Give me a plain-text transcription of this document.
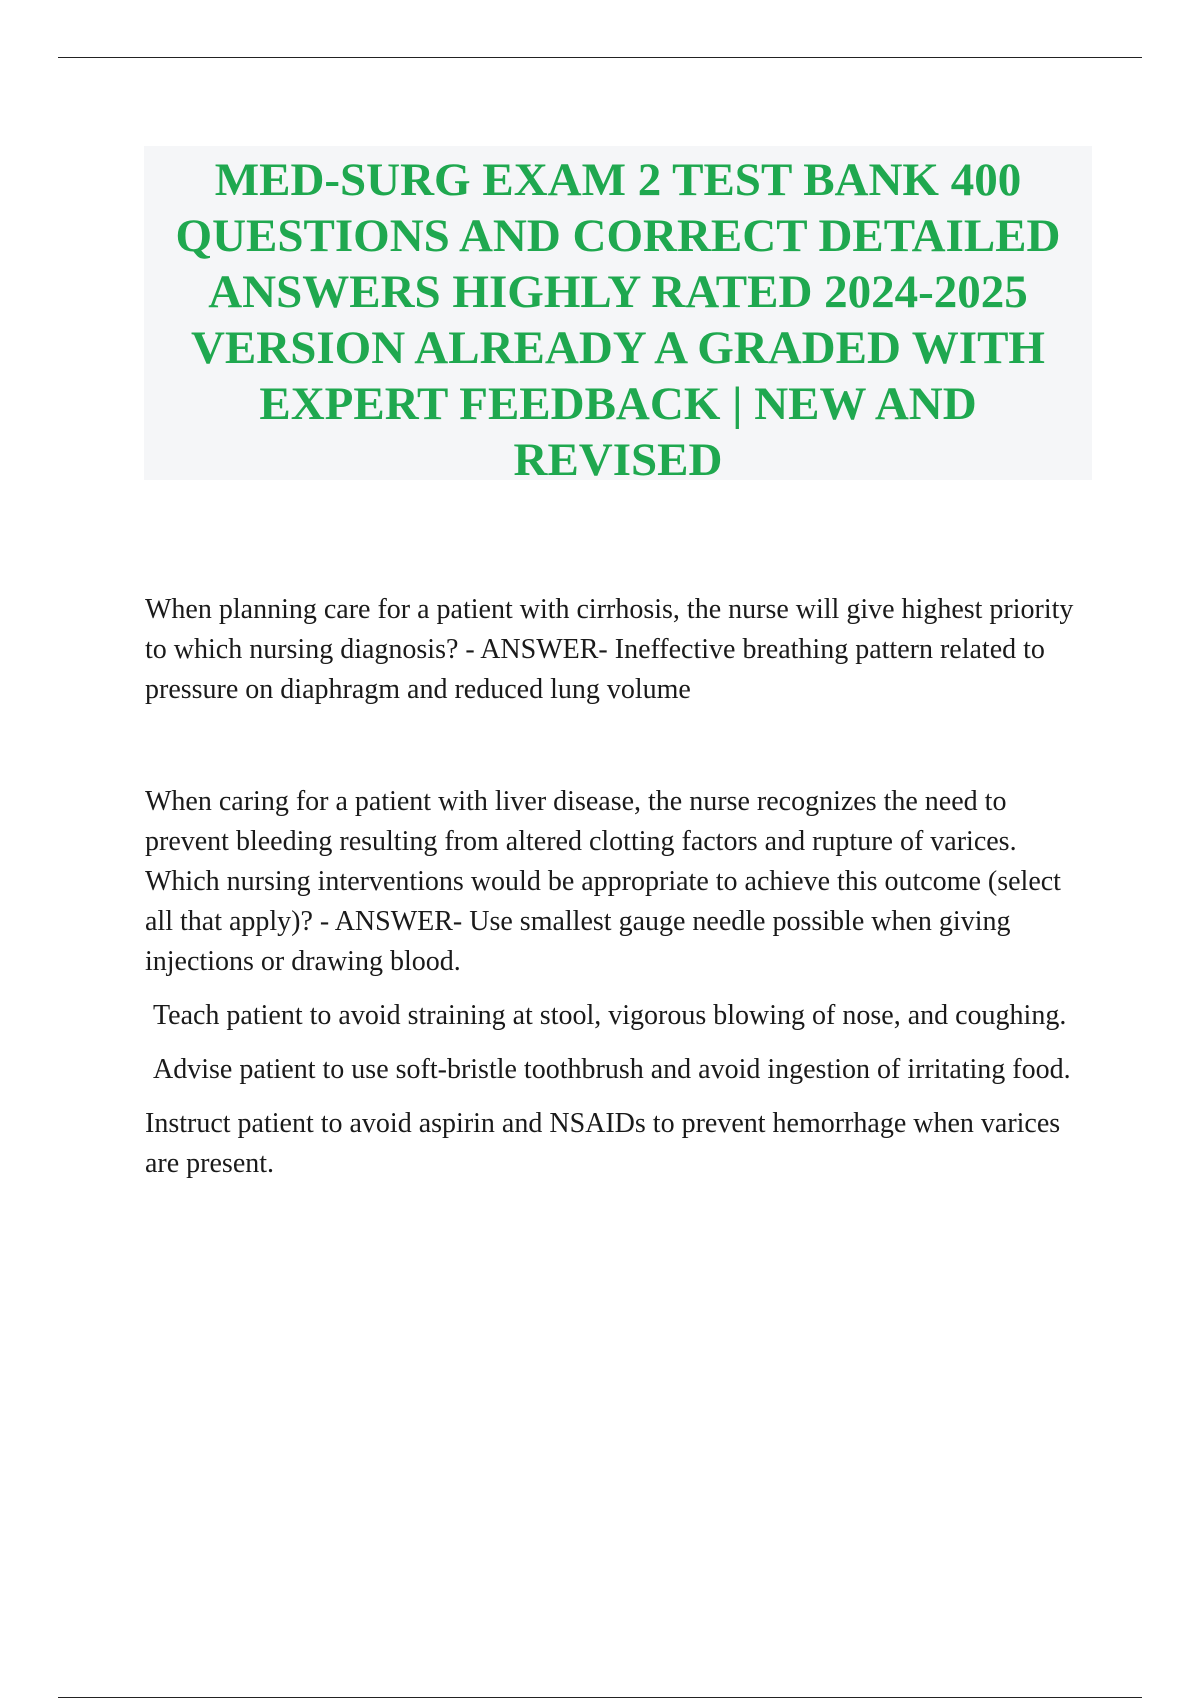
MED-SURG EXAM 2 TEST BANK 400 QUESTIONS AND CORRECT DETAILED ANSWERS HIGHLY RATED 2024-2025 VERSION ALREADY A GRADED WITH EXPERT FEEDBACK | NEW AND REVISED

When planning care for a patient with cirrhosis, the nurse will give highest priority to which nursing diagnosis? - ANSWER- Ineffective breathing pattern related to pressure on diaphragm and reduced lung volume

When caring for a patient with liver disease, the nurse recognizes the need to prevent bleeding resulting from altered clotting factors and rupture of varices. Which nursing interventions would be appropriate to achieve this outcome (select all that apply)? - ANSWER- Use smallest gauge needle possible when giving injections or drawing blood.

Teach patient to avoid straining at stool, vigorous blowing of nose, and coughing.

Advise patient to use soft-bristle toothbrush and avoid ingestion of irritating food.

Instruct patient to avoid aspirin and NSAIDs to prevent hemorrhage when varices are present.
